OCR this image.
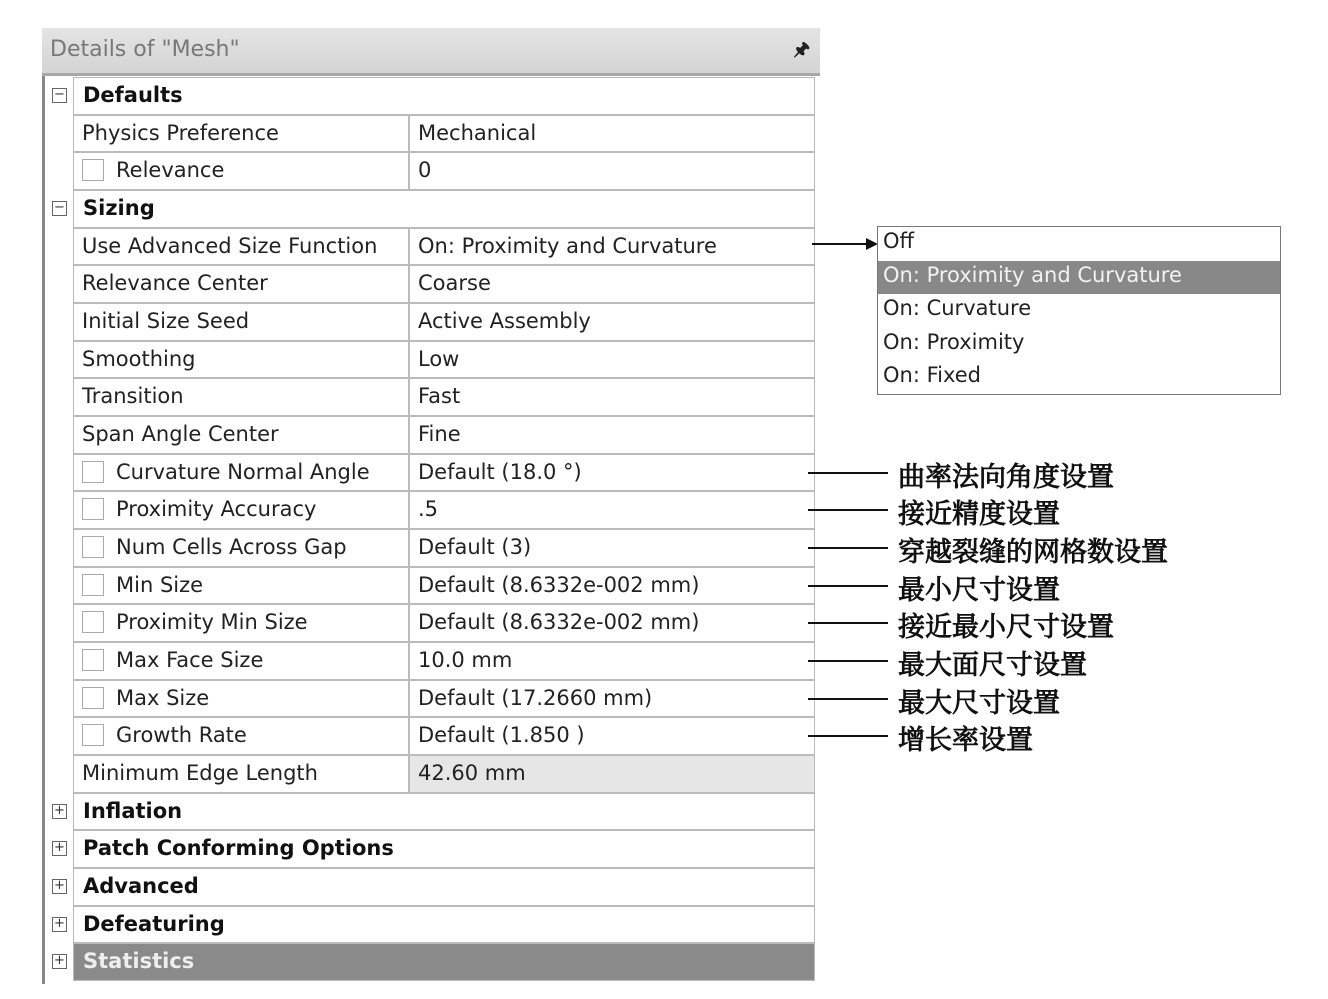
Details of "Mesh"	🖈︎
− Defaults
Physics Preference	Mechanical
Relevance	0
− Sizing
Use Advanced Size Function	On: Proximity and Curvature
Relevance Center	Coarse
Initial Size Seed	Active Assembly
Smoothing	Low
Transition	Fast
Span Angle Center	Fine
Curvature Normal Angle	Default (18.0 °)
Proximity Accuracy	.5
Num Cells Across Gap	Default (3)
Min Size	Default (8.6332e-002 mm)
Proximity Min Size	Default (8.6332e-002 mm)
Max Face Size	10.0 mm
Max Size	Default (17.2660 mm)
Growth Rate	Default (1.850 )
Minimum Edge Length	42.60 mm
+ Inflation
+ Patch Conforming Options
+ Advanced
+ Defeaturing
+ Statistics
Off
On: Proximity and Curvature
On: Curvature
On: Proximity
On: Fixed
曲率法向角度设置
接近精度设置
穿越裂缝的网格数设置
最小尺寸设置
接近最小尺寸设置
最大面尺寸设置
最大尺寸设置
增长率设置
